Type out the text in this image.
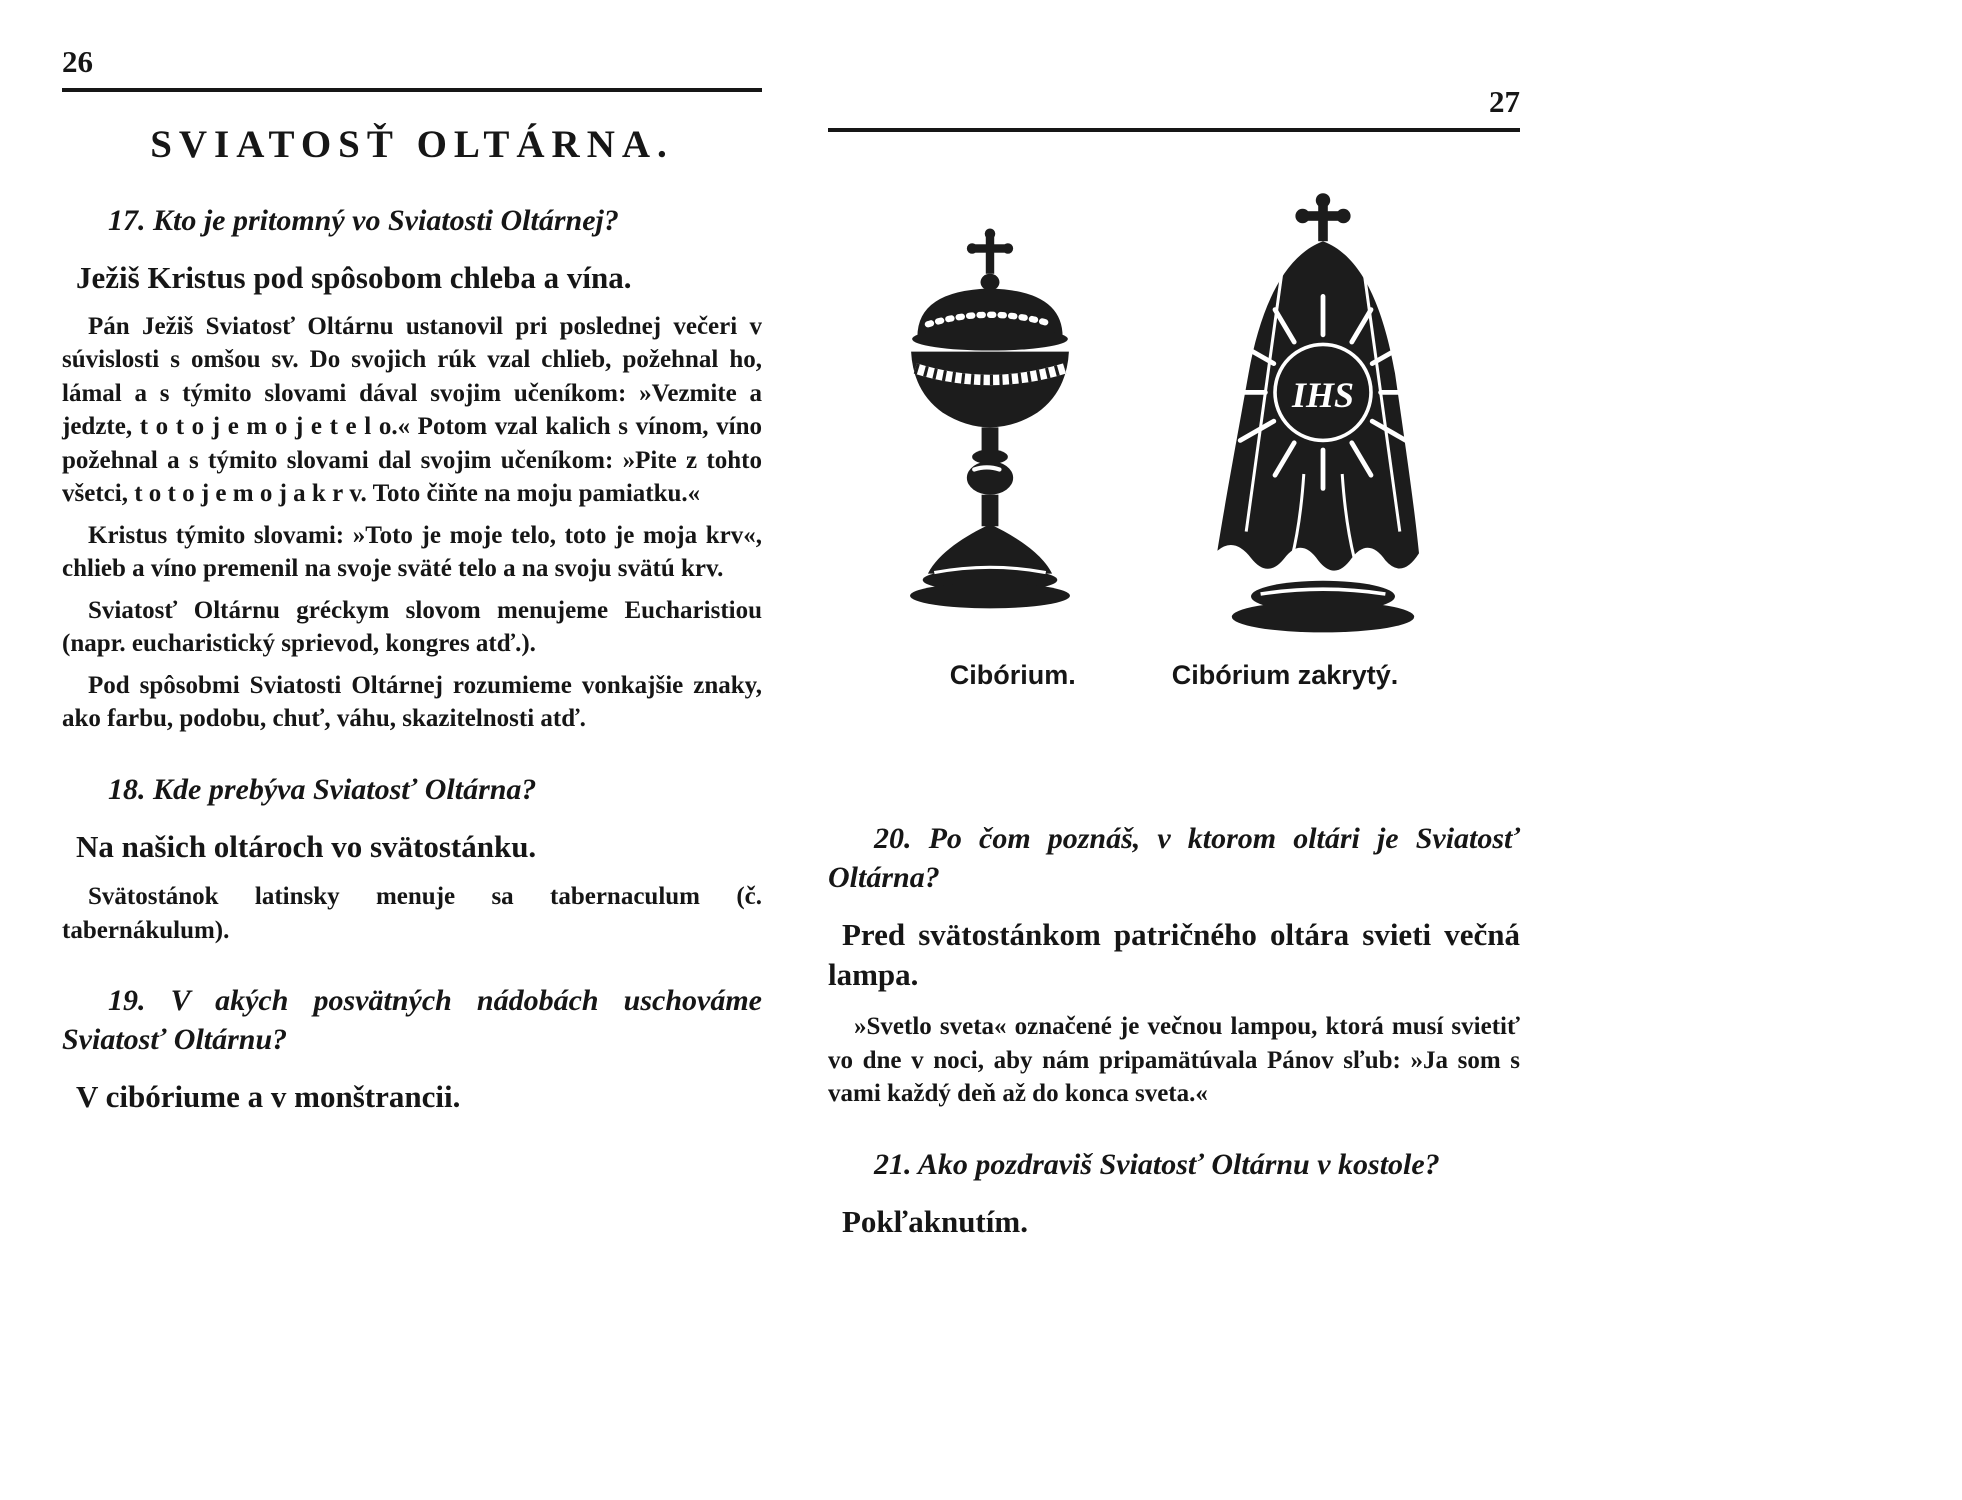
26
SVIATOSŤ OLTÁRNA.
17. Kto je pritomný vo Sviatosti Oltárnej?
Ježiš Kristus pod spôsobom chleba a vína.
Pán Ježiš Sviatosť Oltárnu ustanovil pri poslednej večeri v súvislosti s omšou sv. Do svojich rúk vzal chlieb, požehnal ho, lámal a s týmito slovami dával svojim učeníkom: »Vezmite a jedzte, t o t o j e m o j e t e l o.« Potom vzal kalich s vínom, víno požehnal a s týmito slovami dal svojim učeníkom: »Pite z tohto všetci, t o t o j e m o j a k r v. Toto čiňte na moju pamiatku.«
Kristus týmito slovami: »Toto je moje telo, toto je moja krv«, chlieb a víno premenil na svoje sväté telo a na svoju svätú krv.
Sviatosť Oltárnu gréckym slovom menujeme Eucharistiou (napr. eucharistický sprievod, kongres atď.).
Pod spôsobmi Sviatosti Oltárnej rozumieme vonkajšie znaky, ako farbu, podobu, chuť, váhu, skazitelnosti atď.
18. Kde prebýva Sviatosť Oltárna?
Na našich oltároch vo svätostánku.
Svätostánok latinsky menuje sa tabernaculum (č. tabernákulum).
19. V akých posvätných nádobách uschováme Sviatosť Oltárnu?
V cibóriume a v monštrancii.
27
IHS
Cibórium.	Cibórium zakrytý.
20. Po čom poznáš, v ktorom oltári je Sviatosť Oltárna?
Pred svätostánkom patričného oltára svieti večná lampa.
»Svetlo sveta« označené je večnou lampou, ktorá musí svietiť vo dne v noci, aby nám pripamätúvala Pánov sľub: »Ja som s vami každý deň až do konca sveta.«
21. Ako pozdraviš Sviatosť Oltárnu v kostole?
Pokľaknutím.
